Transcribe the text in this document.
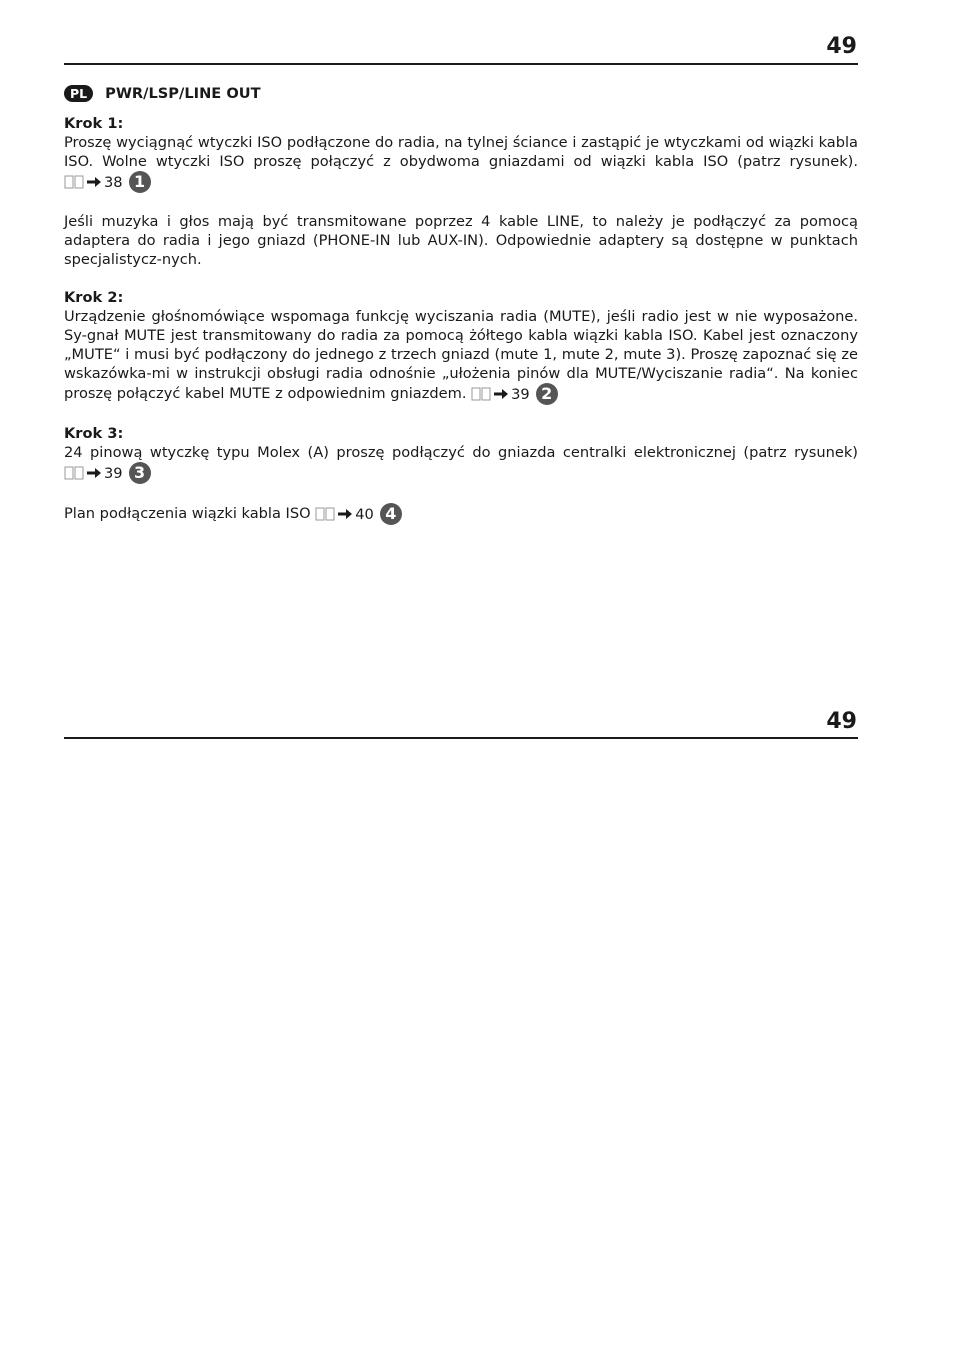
49
PL	PWR/LSP/LINE OUT
Krok 1:

Proszę wyciągnąć wtyczki ISO podłączone do radia, na tylnej ściance i zastąpić je wtyczkami od wiązki kabla ISO. Wolne wtyczki ISO proszę połączyć z obydwoma gniazdami od wiązki kabla ISO (patrz rysunek).
38 1

Jeśli muzyka i głos mają być transmitowane poprzez 4 kable LINE, to należy je podłączyć za pomocą adaptera do radia i jego gniazd (PHONE-IN lub AUX-IN). Odpowiednie adaptery są dostępne w punktach specjalistycz-nych.

Krok 2:

Urządzenie głośnomówiące wspomaga funkcję wyciszania radia (MUTE), jeśli radio jest w nie wyposażone. Sy-gnał MUTE jest transmitowany do radia za pomocą żółtego kabla wiązki kabla ISO. Kabel jest oznaczony „MUTE“ i musi być podłączony do jednego z trzech gniazd (mute 1, mute 2, mute 3). Proszę zapoznać się ze wskazówka-mi w instrukcji obsługi radia odnośnie „ułożenia pinów dla MUTE/Wyciszanie radia“. Na koniec proszę połączyć kabel MUTE z odpowiednim gniazdem.	39 2

Krok 3:

24 pinową wtyczkę typu Molex (A) proszę podłączyć do gniazda centralki elektronicznej (patrz rysunek)
39 3

Plan podłączenia wiązki kabla ISO	40 4

49
